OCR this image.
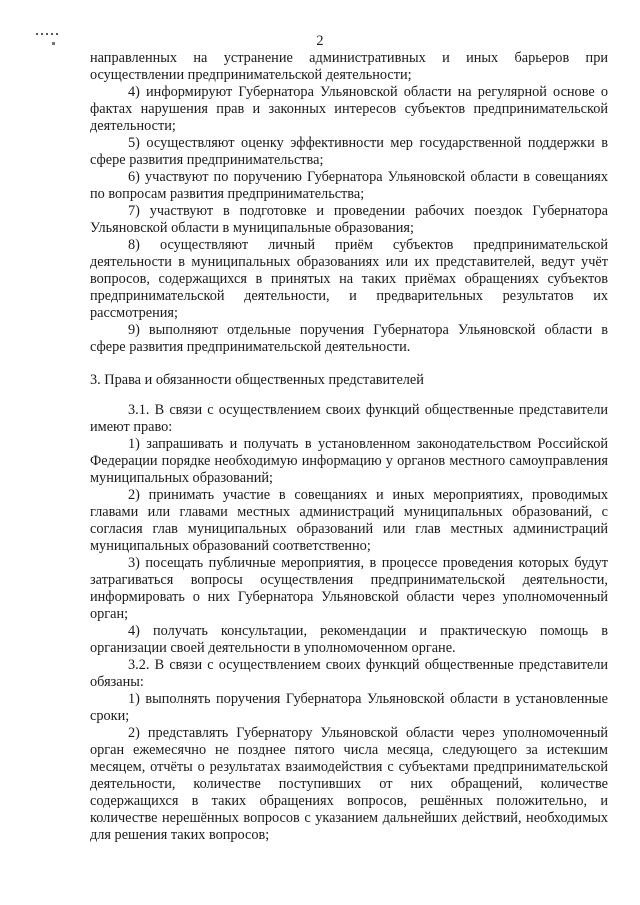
2

направленных на устранение административных и иных барьеров при осуществлении предпринимательской деятельности;

4) информируют Губернатора Ульяновской области на регулярной основе о фактах нарушения прав и законных интересов субъектов предпринимательской деятельности;

5) осуществляют оценку эффективности мер государственной поддержки в сфере развития предпринимательства;

6) участвуют по поручению Губернатора Ульяновской области в совещаниях по вопросам развития предпринимательства;

7) участвуют в подготовке и проведении рабочих поездок Губернатора Ульяновской области в муниципальные образования;

8) осуществляют личный приём субъектов предпринимательской деятельности в муниципальных образованиях или их представителей, ведут учёт вопросов, содержащихся в принятых на таких приёмах обращениях субъектов предпринимательской деятельности, и предварительных результатов их рассмотрения;

9) выполняют отдельные поручения Губернатора Ульяновской области в сфере развития предпринимательской деятельности.

3. Права и обязанности общественных представителей

3.1. В связи с осуществлением своих функций общественные представители имеют право:

1) запрашивать и получать в установленном законодательством Российской Федерации порядке необходимую информацию у органов местного самоуправления муниципальных образований;

2) принимать участие в совещаниях и иных мероприятиях, проводимых главами или главами местных администраций муниципальных образований, с согласия глав муниципальных образований или глав местных администраций муниципальных образований соответственно;

3) посещать публичные мероприятия, в процессе проведения которых будут затрагиваться вопросы осуществления предпринимательской деятельности, информировать о них Губернатора Ульяновской области через уполномоченный орган;

4) получать консультации, рекомендации и практическую помощь в организации своей деятельности в уполномоченном органе.

3.2. В связи с осуществлением своих функций общественные представители обязаны:

1) выполнять поручения Губернатора Ульяновской области в установленные сроки;

2) представлять Губернатору Ульяновской области через уполномоченный орган ежемесячно не позднее пятого числа месяца, следующего за истекшим месяцем, отчёты о результатах взаимодействия с субъектами предпринимательской деятельности, количестве поступивших от них обращений, количестве содержащихся в таких обращениях вопросов, решённых положительно, и количестве нерешённых вопросов с указанием дальнейших действий, необходимых для решения таких вопросов;
